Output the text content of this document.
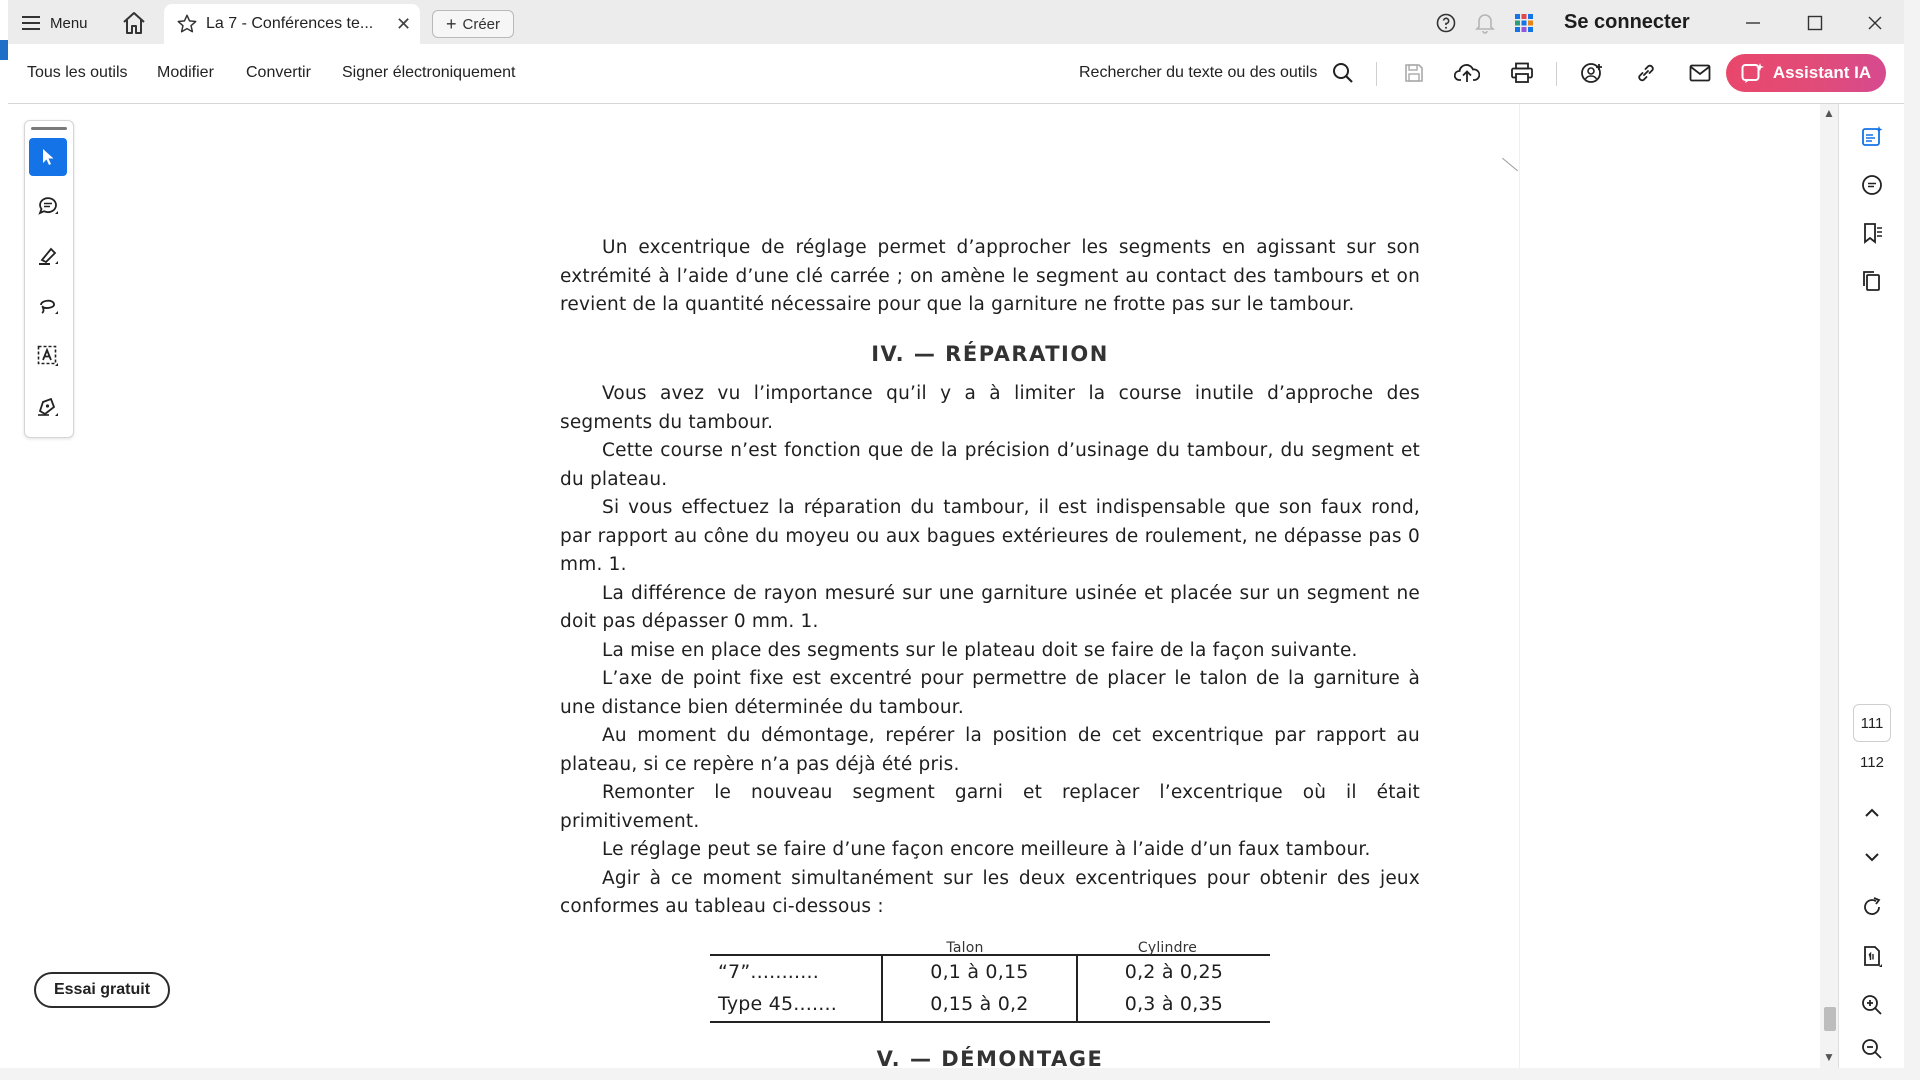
Menu	La 7 - Conférences te...	✕ + Créer	Se connecter
Tous les outils Modifier Convertir Signer électroniquement	Rechercher du texte ou des outils	Assistant IA
Essai gratuit

Un excentrique de réglage permet d’approcher les segments en agissant sur son extrémité à l’aide d’une clé carrée ; on amène le segment au contact des tambours et on revient de la quantité nécessaire pour que la garniture ne frotte pas sur le tambour.

IV. — RÉPARATION

Vous avez vu l’importance qu’il y a à limiter la course inutile d’approche des segments du tambour.

Cette course n’est fonction que de la précision d’usinage du tambour, du segment et du plateau.

Si vous effectuez la réparation du tambour, il est indispensable que son faux rond, par rapport au cône du moyeu ou aux bagues extérieures de roulement, ne dépasse pas 0 mm. 1.

La différence de rayon mesuré sur une garniture usinée et placée sur un segment ne doit pas dépasser 0 mm. 1.

La mise en place des segments sur le plateau doit se faire de la façon suivante.

L’axe de point fixe est excentré pour permettre de placer le talon de la garniture à une distance bien déterminée du tambour.

Au moment du démontage, repérer la position de cet excentrique par rapport au plateau, si ce repère n’a pas déjà été pris.

Remonter le nouveau segment garni et replacer l’excentrique où il était primitivement.

Le réglage peut se faire d’une façon encore meilleure à l’aide d’un faux tambour.

Agir à ce moment simultanément sur les deux excentriques pour obtenir des jeux conformes au tableau ci-dessous :

Talon	Cylindre
“7”...........	0,1 à 0,15	0,2 à 0,25
Type 45.......	0,15 à 0,2	0,3 à 0,35
V. — DÉMONTAGE
▲
▼
111
112
